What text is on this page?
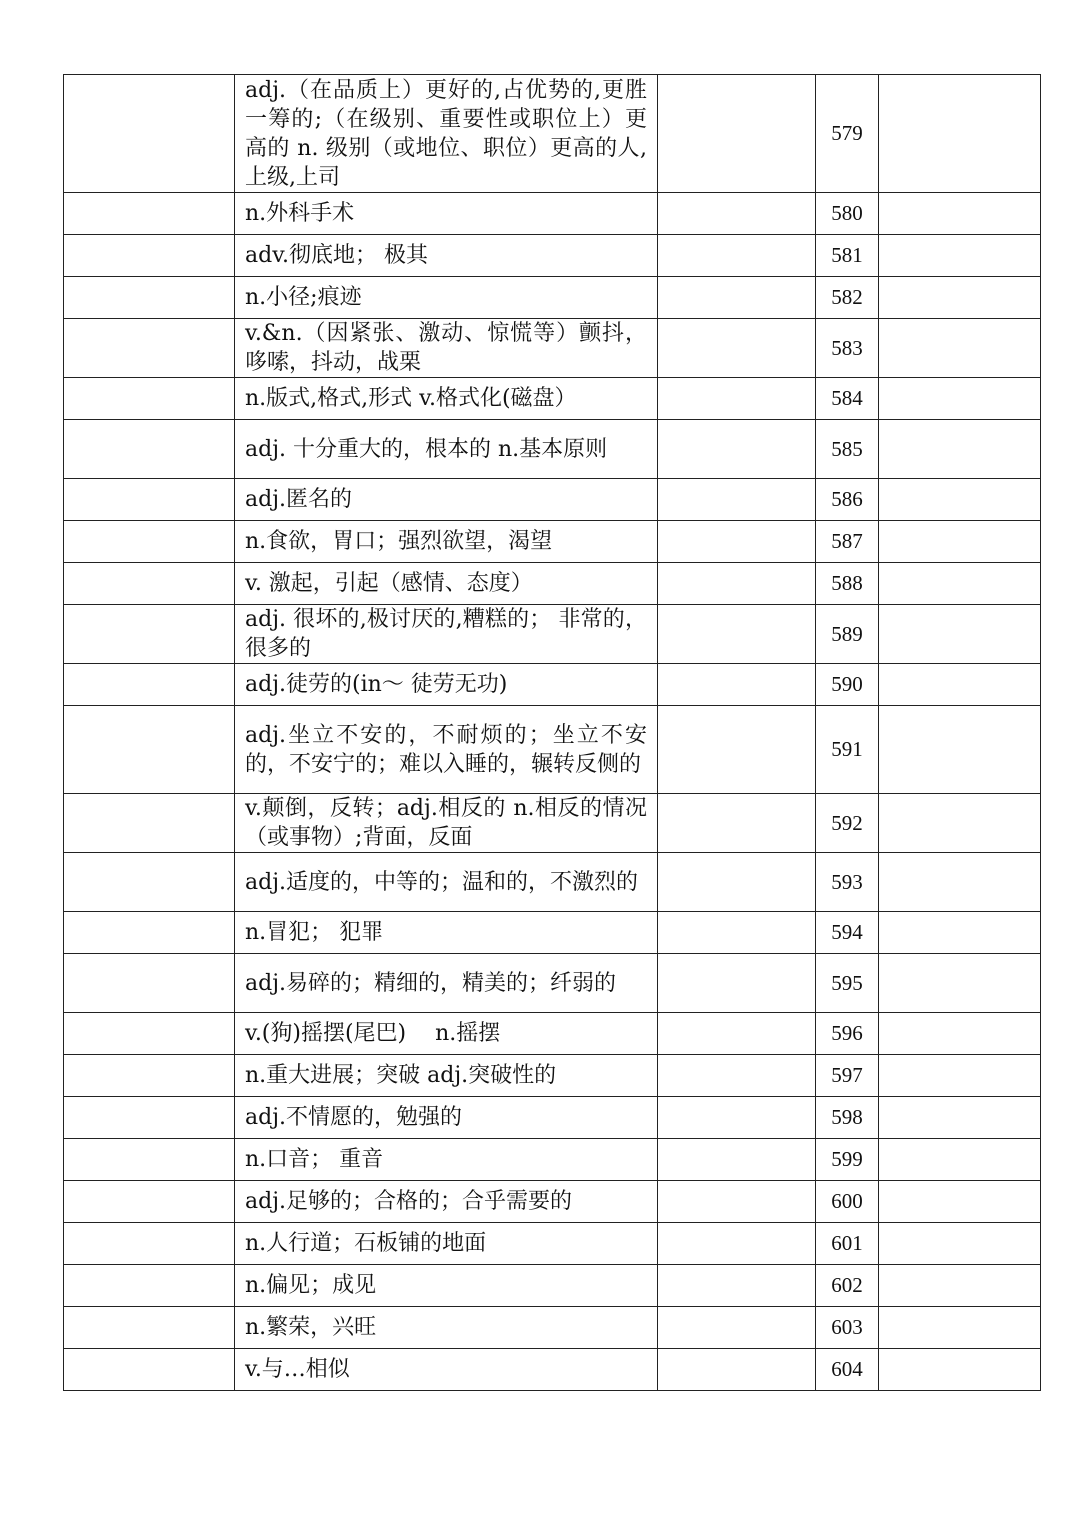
	adj.（在品质上）更好的,占优势的,更胜一筹的;（在级别、重要性或职位上）更高的 n. 级别（或地位、职位）更高的人,上级,上司		579	
	n.外科手术		580	
	adv.彻底地； 极其		581	
	n.小径;痕迹		582	
	v.&n.（因紧张、激动、惊慌等）颤抖，哆嗦，抖动，战栗		583	
	n.版式,格式,形式 v.格式化(磁盘）		584	
	adj. 十分重大的，根本的 n.基本原则		585	
	adj.匿名的		586	
	n.食欲，胃口；强烈欲望，渴望		587	
	v. 激起，引起（感情、态度）		588	
	adj. 很坏的,极讨厌的,糟糕的； 非常的，很多的		589	
	adj.徒劳的(in～ 徒劳无功)		590	
	adj.坐立不安的，不耐烦的；坐立不安的，不安宁的；难以入睡的，辗转反侧的		591	
	v.颠倒，反转；adj.相反的 n.相反的情况（或事物）;背面，反面		592	
	adj.适度的，中等的；温和的，不激烈的		593	
	n.冒犯； 犯罪		594	
	adj.易碎的；精细的，精美的；纤弱的		595	
	v.(狗)摇摆(尾巴)　 n.摇摆		596	
	n.重大进展；突破 adj.突破性的		597	
	adj.不情愿的，勉强的		598	
	n.口音； 重音		599	
	adj.足够的；合格的；合乎需要的		600	
	n.人行道；石板铺的地面		601	
	n.偏见；成见		602	
	n.繁荣，兴旺		603	
	v.与…相似		604	
